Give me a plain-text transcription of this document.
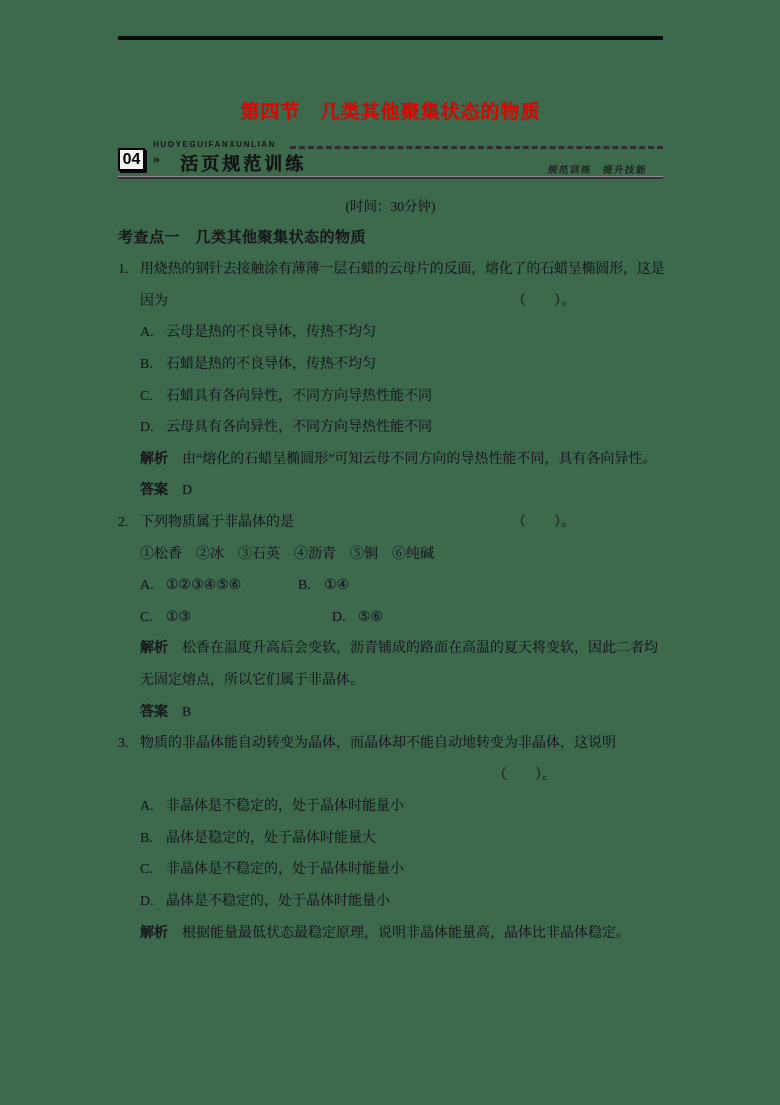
第四节　几类其他聚集状态的物质
04 »
HUOYEGUIFANXUNLIAN
活页规范训练	规范训练　提升技能
(时间：30分钟)
考查点一　几类其他聚集状态的物质
1. 用烧热的钢针去接触涂有薄薄一层石蜡的云母片的反面，熔化了的石蜡呈椭圆形，这是
因为	（　　）。
A. 云母是热的不良导体，传热不均匀
B. 石蜡是热的不良导体，传热不均匀
C. 石蜡具有各向异性，不同方向导热性能不同
D. 云母具有各向异性，不同方向导热性能不同
解析 由“熔化的石蜡呈椭圆形”可知云母不同方向的导热性能不同，具有各向异性。
答案 D
2. 下列物质属于非晶体的是	（　　）。
①松香　②冰　③石英　④沥青　⑤铜　⑥纯碱
A. ①②③④⑤⑥	B. ①④
C. ①③	D. ⑤⑥
解析 松香在温度升高后会变软，沥青铺成的路面在高温的夏天将变软，因此二者均无固定熔点，所以它们属于非晶体。
答案 B
3. 物质的非晶体能自动转变为晶体，而晶体却不能自动地转变为非晶体，这说明
（　　）。
A. 非晶体是不稳定的，处于晶体时能量小
B. 晶体是稳定的，处于晶体时能量大
C. 非晶体是不稳定的，处于晶体时能量小
D. 晶体是不稳定的，处于晶体时能量小
解析 根据能量最低状态最稳定原理，说明非晶体能量高，晶体比非晶体稳定。
